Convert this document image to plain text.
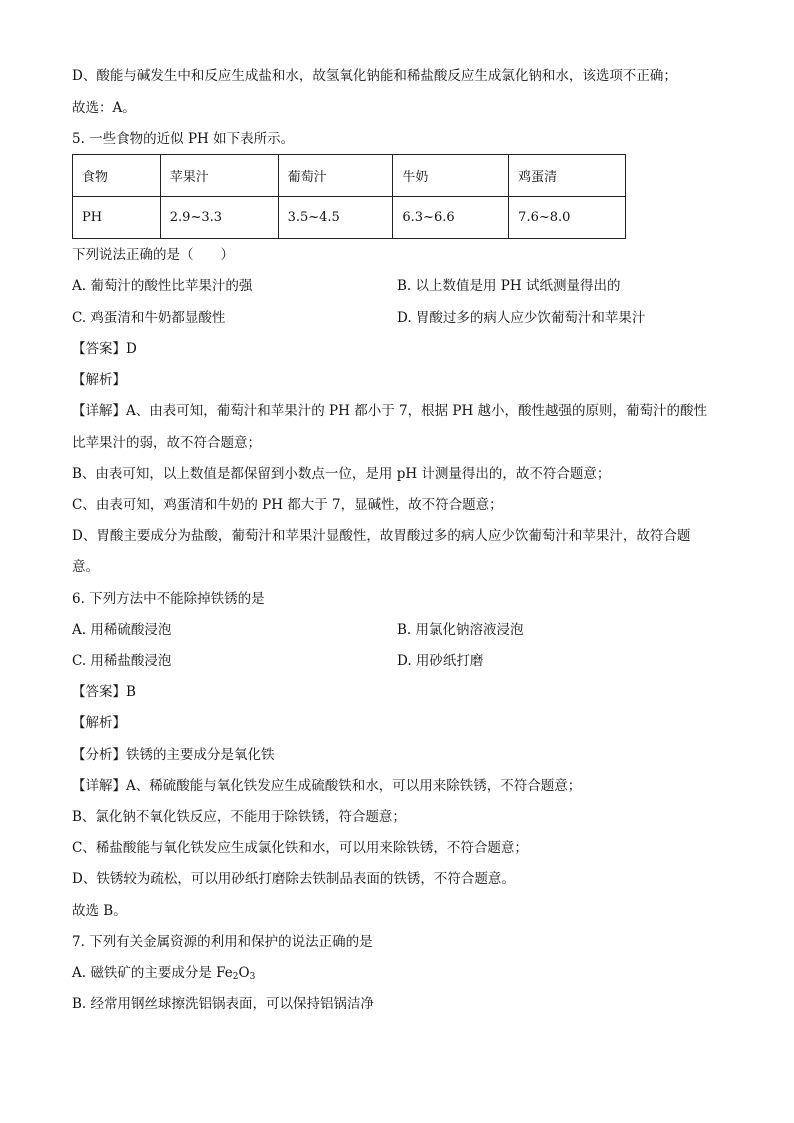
D、酸能与碱发生中和反应生成盐和水，故氢氧化钠能和稀盐酸反应生成氯化钠和水，该选项不正确；
故选：A。
5. 一些食物的近似 PH 如下表所示。
食物	苹果汁	葡萄汁	牛奶	鸡蛋清
PH	2.9~3.3	3.5~4.5	6.3~6.6	7.6~8.0
下列说法正确的是（　　）
A. 葡萄汁的酸性比苹果汁的强	B. 以上数值是用 PH 试纸测量得出的
C. 鸡蛋清和牛奶都显酸性	D. 胃酸过多的病人应少饮葡萄汁和苹果汁
【答案】D
【解析】
【详解】A、由表可知，葡萄汁和苹果汁的 PH 都小于 7，根据 PH 越小，酸性越强的原则，葡萄汁的酸性
比苹果汁的弱，故不符合题意；
B、由表可知，以上数值是都保留到小数点一位，是用 pH 计测量得出的，故不符合题意；
C、由表可知，鸡蛋清和牛奶的 PH 都大于 7，显碱性，故不符合题意；
D、胃酸主要成分为盐酸，葡萄汁和苹果汁显酸性，故胃酸过多的病人应少饮葡萄汁和苹果汁，故符合题
意。
6. 下列方法中不能除掉铁锈的是
A. 用稀硫酸浸泡	B. 用氯化钠溶液浸泡
C. 用稀盐酸浸泡	D. 用砂纸打磨
【答案】B
【解析】
【分析】铁锈的主要成分是氧化铁
【详解】A、稀硫酸能与氧化铁发应生成硫酸铁和水，可以用来除铁锈，不符合题意；
B、氯化钠不氧化铁反应，不能用于除铁锈，符合题意；
C、稀盐酸能与氧化铁发应生成氯化铁和水，可以用来除铁锈，不符合题意；
D、铁锈较为疏松，可以用砂纸打磨除去铁制品表面的铁锈，不符合题意。
故选 B。
7. 下列有关金属资源的利用和保护的说法正确的是
A. 磁铁矿的主要成分是 $Fe_2O_3$
B. 经常用钢丝球擦洗铝锅表面，可以保持铝锅洁净
